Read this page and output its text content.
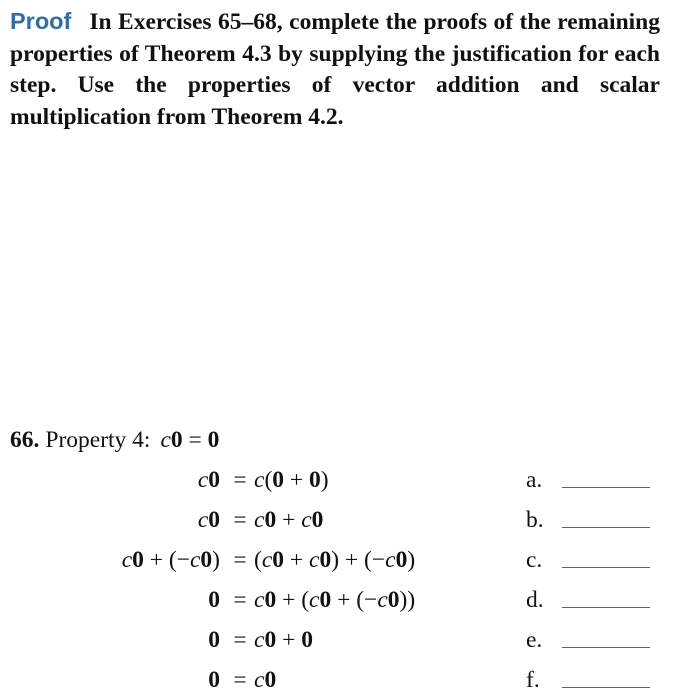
Proof In Exercises 65–68, complete the proofs of the remaining properties of Theorem 4.3 by supplying the justification for each step. Use the properties of vector addition and scalar multiplication from Theorem 4.2.
66. Property 4: c0 = 0
c0 = c(0 + 0)	a.
c0 = c0 + c0	b.
c0 + (−c0) = (c0 + c0) + (−c0)	c.
0 = c0 + (c0 + (−c0))	d.
0 = c0 + 0	e.
0 = c0	f.
